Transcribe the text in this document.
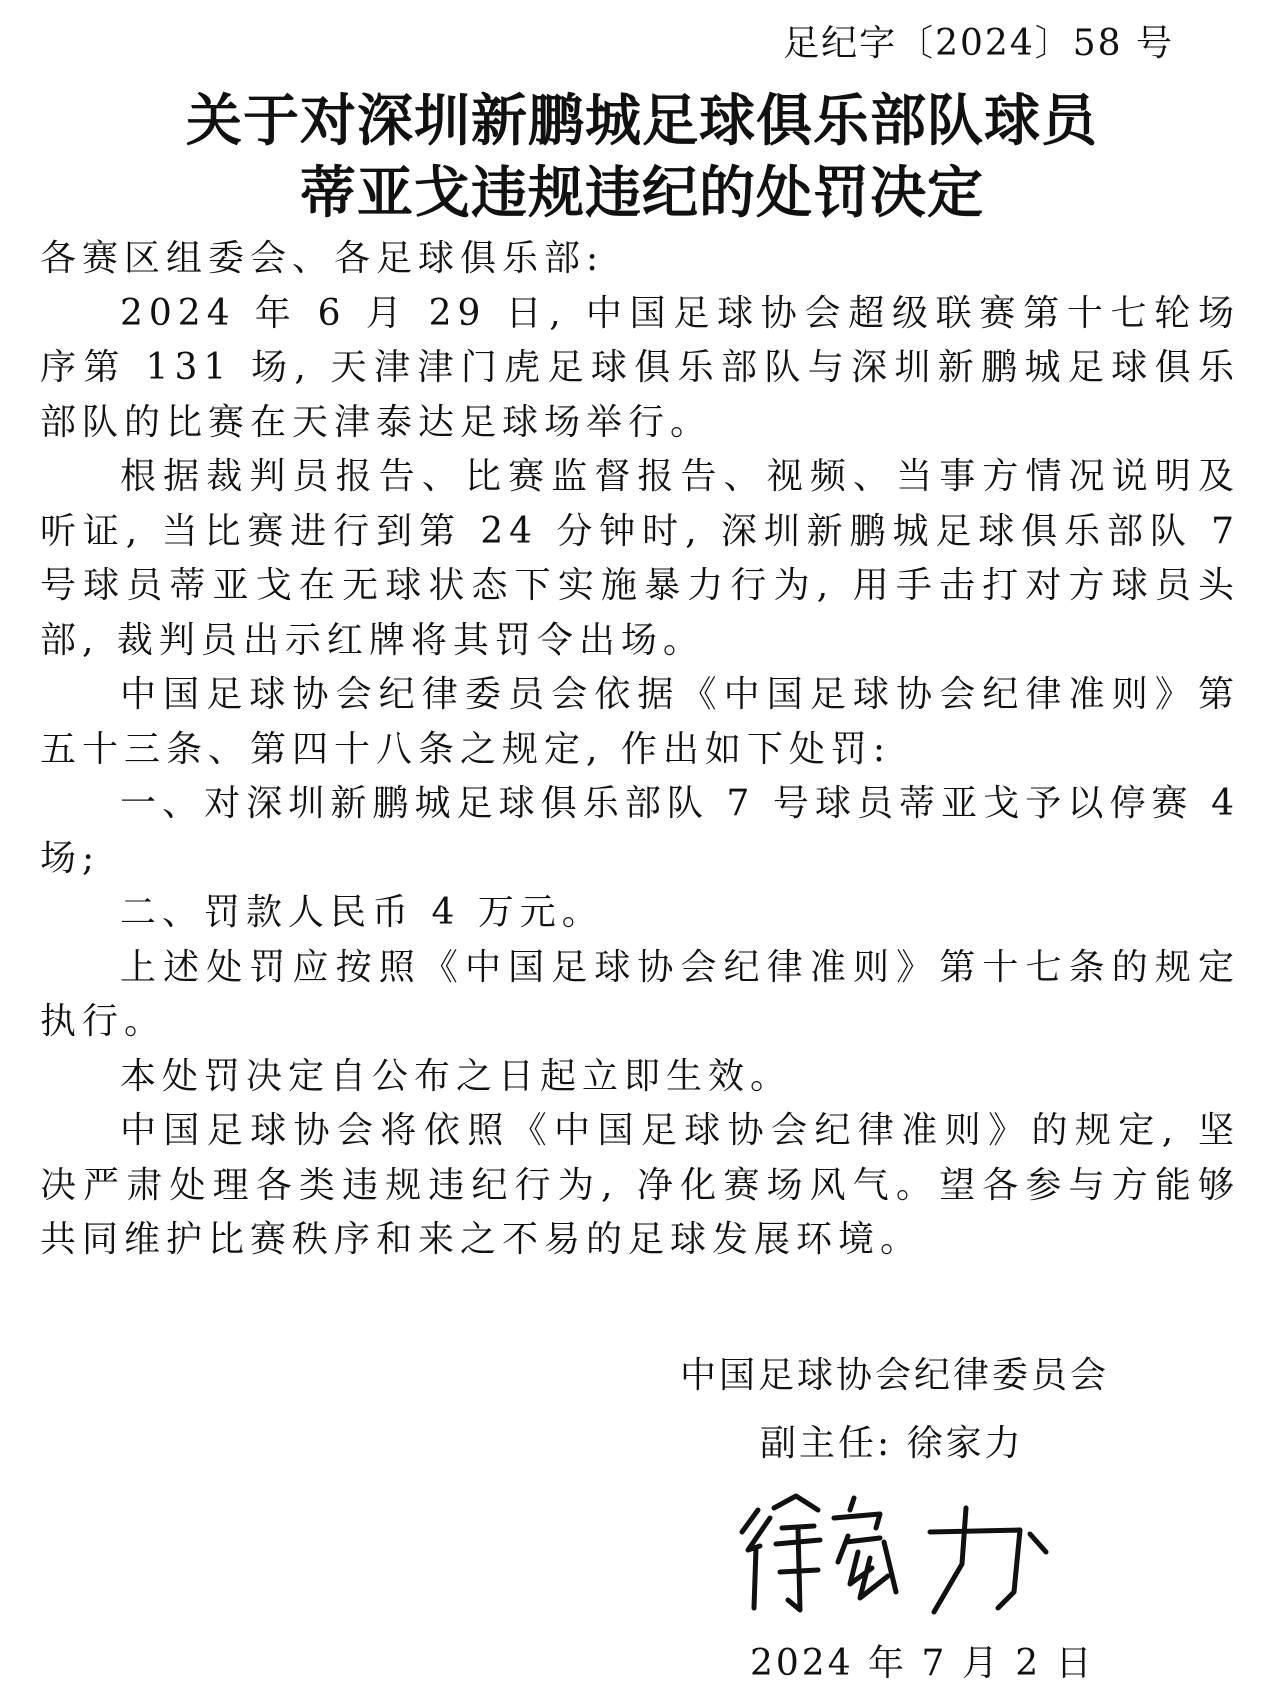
足纪字〔2024〕58 号
关于对深圳新鹏城足球俱乐部队球员
蒂亚戈违规违纪的处罚决定

各赛区组委会、各足球俱乐部:

2024 年 6 月 29 日, 中国足球协会超级联赛第十七轮场序第 131 场, 天津津门虎足球俱乐部队与深圳新鹏城足球俱乐部队的比赛在天津泰达足球场举行。

根据裁判员报告、比赛监督报告、视频、当事方情况说明及听证, 当比赛进行到第 24 分钟时, 深圳新鹏城足球俱乐部队 7 号球员蒂亚戈在无球状态下实施暴力行为, 用手击打对方球员头部, 裁判员出示红牌将其罚令出场。

中国足球协会纪律委员会依据《中国足球协会纪律准则》第五十三条、第四十八条之规定, 作出如下处罚:

一、对深圳新鹏城足球俱乐部队 7 号球员蒂亚戈予以停赛 4 场;

二、罚款人民币 4 万元。

上述处罚应按照《中国足球协会纪律准则》第十七条的规定执行。

本处罚决定自公布之日起立即生效。

中国足球协会将依照《中国足球协会纪律准则》的规定, 坚决严肃处理各类违规违纪行为, 净化赛场风气。望各参与方能够共同维护比赛秩序和来之不易的足球发展环境。

中国足球协会纪律委员会
副主任: 徐家力
2024 年 7 月 2 日
